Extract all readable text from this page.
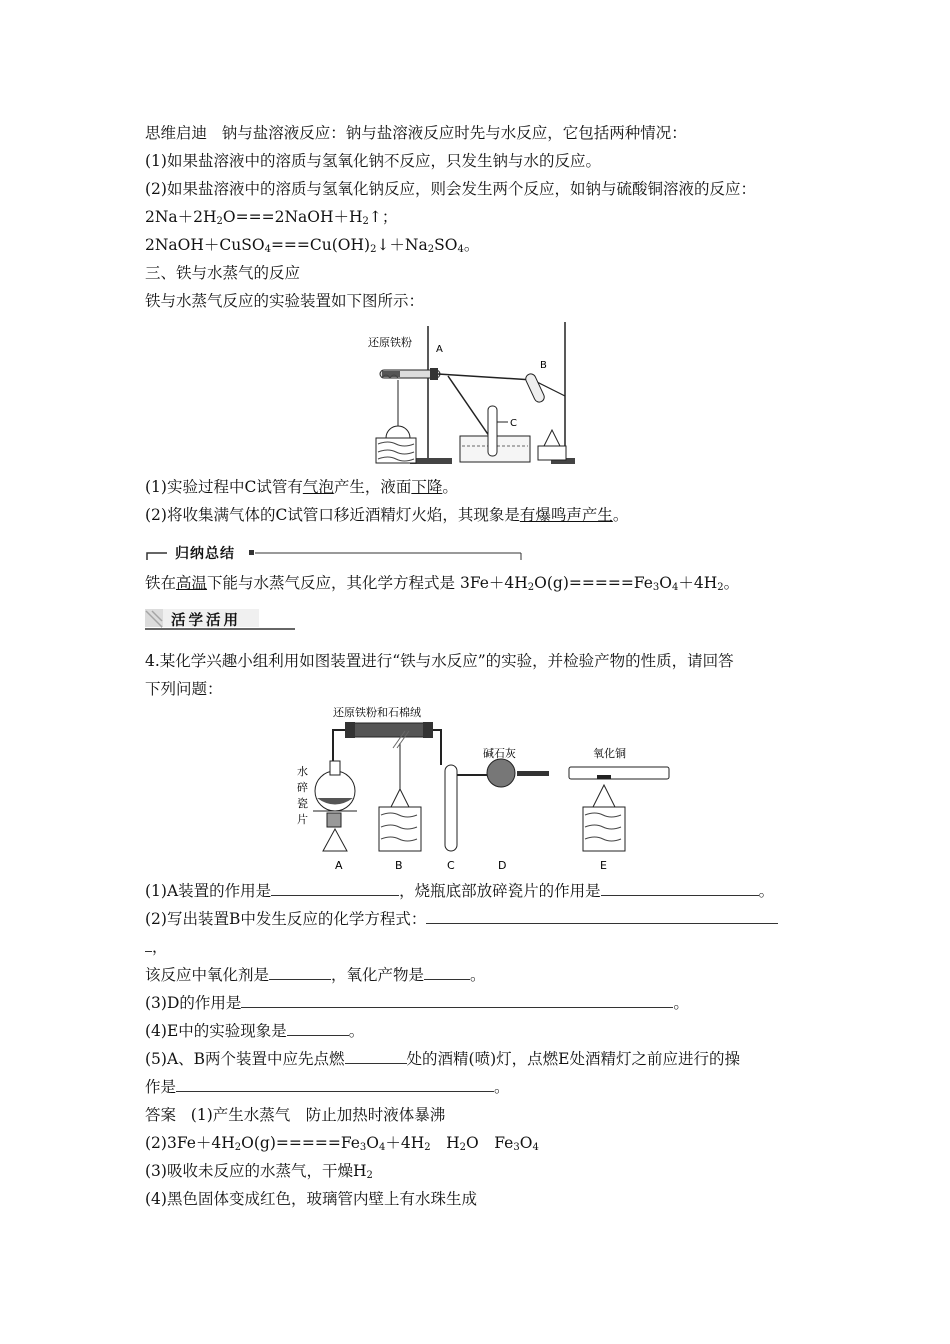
思维启迪 钠与盐溶液反应：钠与盐溶液反应时先与水反应，它包括两种情况：
(1)如果盐溶液中的溶质与氢氧化钠不反应，只发生钠与水的反应。
(2)如果盐溶液中的溶质与氢氧化钠反应，则会发生两个反应，如钠与硫酸铜溶液的反应：
$2Na+2H_2O===2NaOH+H_2↑$；
$2NaOH+CuSO_4===Cu(OH)_2↓+Na_2SO_4$。
三、铁与水蒸气的反应
铁与水蒸气反应的实验装置如下图所示：
还原铁粉
A
B
C
(1)实验过程中C试管有气泡产生，液面下降。
(2)将收集满气体的C试管口移近酒精灯火焰，其现象是有爆鸣声产生。
归纳总结
铁在高温下能与水蒸气反应，其化学方程式是 $3Fe+4H_2O(g)=====Fe_3O_4+4H_2$。
活学活用
4.某化学兴趣小组利用如图装置进行“铁与水反应”的实验，并检验产物的性质，请回答
下列问题：
还原铁粉和石棉绒
水
碎
瓷
片
碱石灰	氧化铜
A	B	C	D	E
(1)A装置的作用是	，烧瓶底部放碎瓷片的作用是	。
(2)写出装置B中发生反应的化学方程式：
，
该反应中氧化剂是	，氧化产物是	。
(3)D的作用是	。
(4)E中的实验现象是	。
(5)A、B两个装置中应先点燃	处的酒精(喷)灯，点燃E处酒精灯之前应进行的操
作是	。
答案 (1)产生水蒸气　防止加热时液体暴沸
$(2)3Fe+4H_2O(g)=====Fe_3O_4+4H_2$　$H_2O$　$Fe_3O_4$
(3)吸收未反应的水蒸气，干燥$H_2$
(4)黑色固体变成红色，玻璃管内壁上有水珠生成
